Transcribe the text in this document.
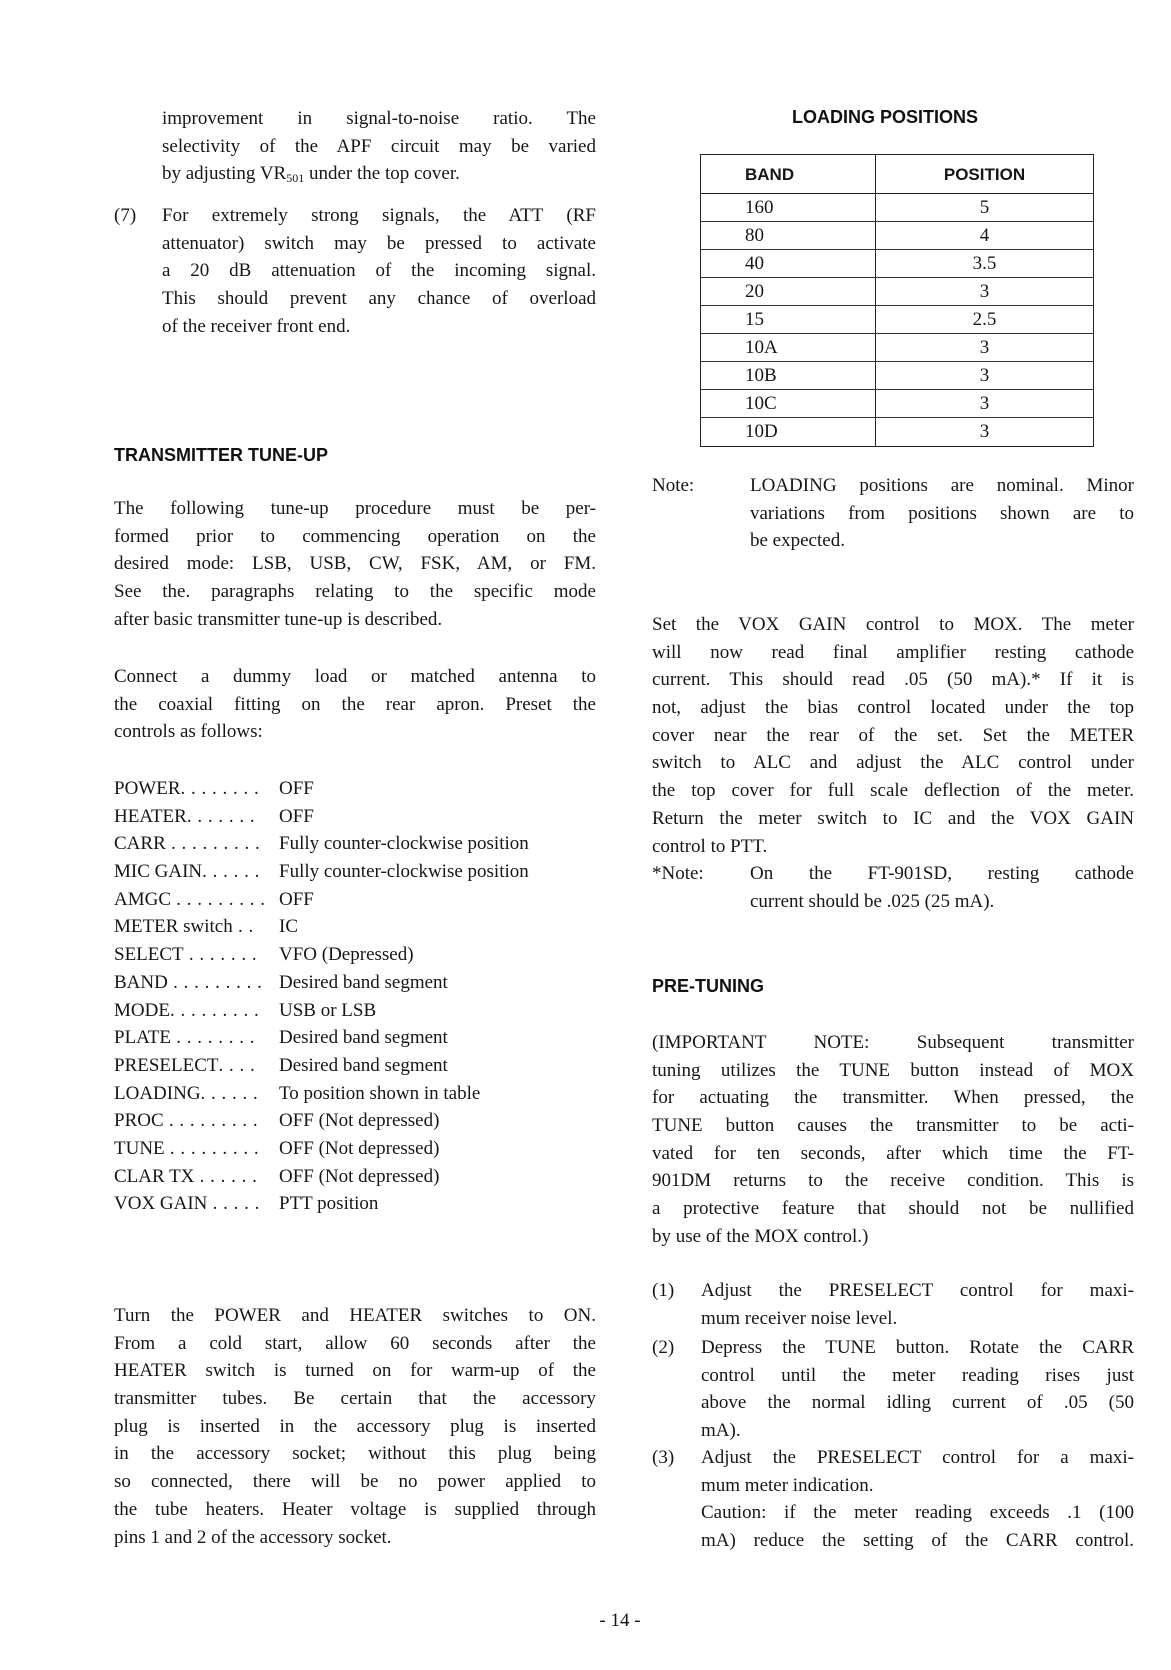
improvement in signal-to-noise ratio. The
selectivity of the APF circuit may be varied
by adjusting $VR_{501}$ under the top cover.
(7) For extremely strong signals, the ATT (RF
attenuator) switch may be pressed to activate
a 20 dB attenuation of the incoming signal.
This should prevent any chance of overload
of the receiver front end.
TRANSMITTER TUNE-UP
The following tune-up procedure must be per-
formed prior to commencing operation on the
desired mode: LSB, USB, CW, FSK, AM, or FM.
See the. paragraphs relating to the specific mode
after basic transmitter tune-up is described.
Connect a dummy load or matched antenna to
the coaxial fitting on the rear apron. Preset the
controls as follows:
POWER. . . . . . . .	OFF
HEATER. . . . . . .	OFF
CARR . . . . . . . . . Fully counter-clockwise position
MIC GAIN. . . . . .	Fully counter-clockwise position
AMGC . . . . . . . . . OFF
METER switch . .	IC
SELECT . . . . . . .	VFO (Depressed)
BAND . . . . . . . . . Desired band segment
MODE. . . . . . . . .	USB or LSB
PLATE . . . . . . . .	Desired band segment
PRESELECT. . . .	Desired band segment
LOADING. . . . . .	To position shown in table
PROC . . . . . . . . .	OFF (Not depressed)
TUNE . . . . . . . . .	OFF (Not depressed)
CLAR TX . . . . . .	OFF (Not depressed)
VOX GAIN . . . . .	PTT position
Turn the POWER and HEATER switches to ON.
From a cold start, allow 60 seconds after the
HEATER switch is turned on for warm-up of the
transmitter tubes. Be certain that the accessory
plug is inserted in the accessory plug is inserted
in the accessory socket; without this plug being
so connected, there will be no power applied to
the tube heaters. Heater voltage is supplied through
pins 1 and 2 of the accessory socket.
LOADING POSITIONS
BAND	POSITION
160	5
80	4
40	3.5
20	3
15	2.5
10A	3
10B	3
10C	3
10D	3
Note:	LOADING positions are nominal. Minor
variations from positions shown are to
be expected.
Set the VOX GAIN control to MOX. The meter
will now read final amplifier resting cathode
current. This should read .05 (50 mA).* If it is
not, adjust the bias control located under the top
cover near the rear of the set. Set the METER
switch to ALC and adjust the ALC control under
the top cover for full scale deflection of the meter.
Return the meter switch to IC and the VOX GAIN
control to PTT.
*Note: On the FT-901SD, resting cathode
current should be .025 (25 mA).
PRE-TUNING
(IMPORTANT NOTE: Subsequent transmitter
tuning utilizes the TUNE button instead of MOX
for actuating the transmitter. When pressed, the
TUNE button causes the transmitter to be acti-
vated for ten seconds, after which time the FT-
901DM returns to the receive condition. This is
a protective feature that should not be nullified
by use of the MOX control.)
(1) Adjust the PRESELECT control for maxi-
mum receiver noise level.
(2) Depress the TUNE button. Rotate the CARR
control until the meter reading rises just
above the normal idling current of .05 (50
mA).
(3) Adjust the PRESELECT control for a maxi-
mum meter indication.
Caution: if the meter reading exceeds .1 (100
mA) reduce the setting of the CARR control.
- 14 -
